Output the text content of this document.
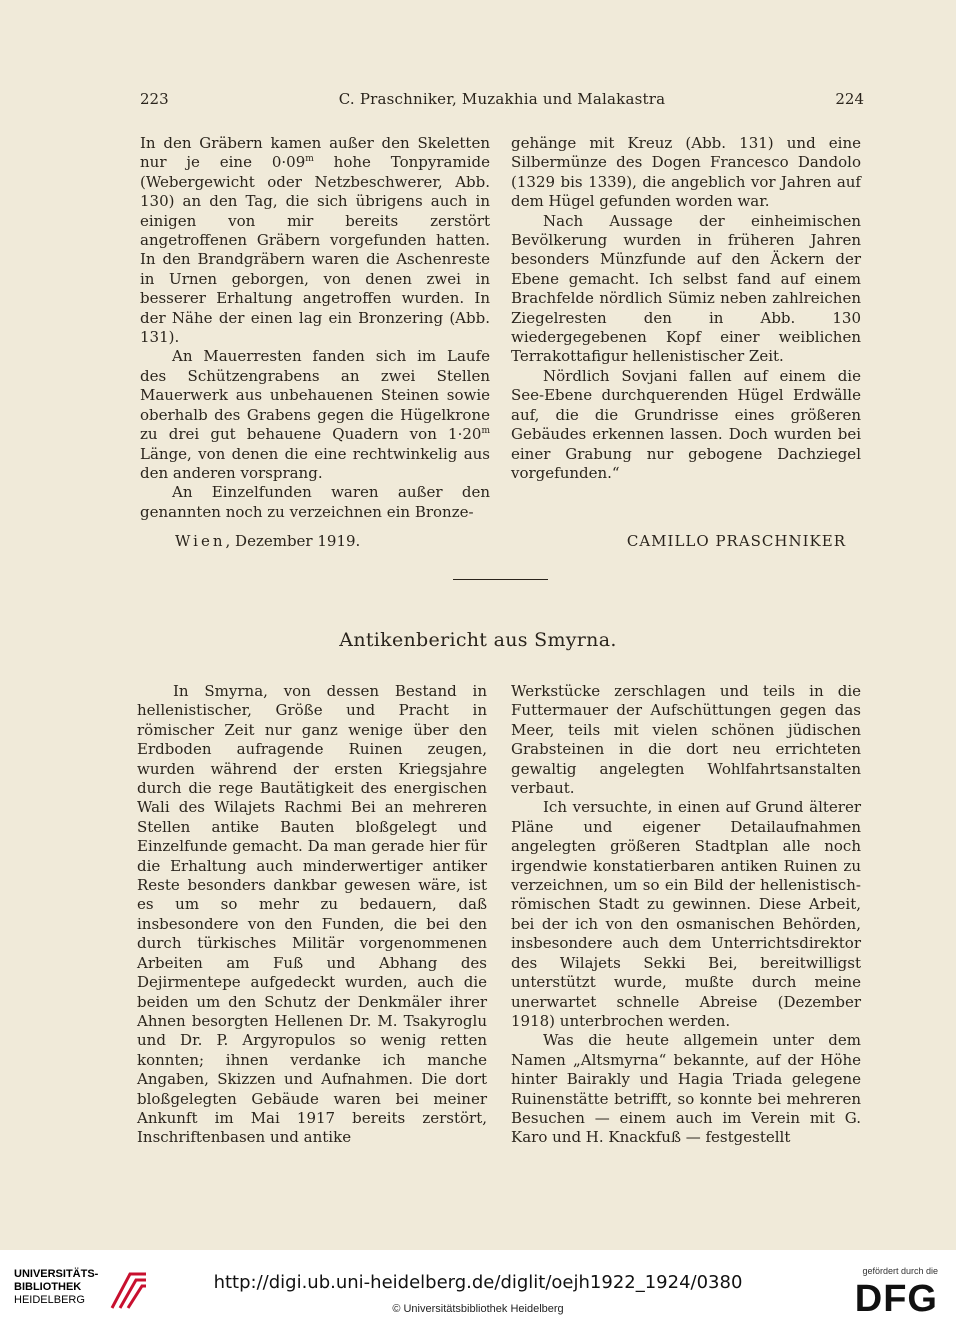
223	C. Praschniker, Muzakhia und Malakastra	224

In den Gräbern kamen außer den Skeletten nur je eine $0\cdot 09^m$ hohe Tonpyramide (Webergewicht oder Netzbeschwerer, Abb. 130) an den Tag, die sich übrigens auch in einigen von mir bereits zerstört angetroffenen Gräbern vorgefunden hatten. In den Brandgräbern waren die Aschenreste in Urnen geborgen, von denen zwei in besserer Erhaltung angetroffen wurden. In der Nähe der einen lag ein Bronzering (Abb. 131).

An Mauerresten fanden sich im Laufe des Schützengrabens an zwei Stellen Mauerwerk aus unbehauenen Steinen sowie oberhalb des Grabens gegen die Hügelkrone zu drei gut behauene Quadern von $1\cdot 20^m$ Länge, von denen die eine rechtwinkelig aus den anderen vorsprang.

An Einzelfunden waren außer den genannten noch zu verzeichnen ein Bronze-

gehänge mit Kreuz (Abb. 131) und eine Silbermünze des Dogen Francesco Dandolo (1329 bis 1339), die angeblich vor Jahren auf dem Hügel gefunden worden war.

Nach Aussage der einheimischen Bevölkerung wurden in früheren Jahren besonders Münzfunde auf den Äckern der Ebene gemacht. Ich selbst fand auf einem Brachfelde nördlich Sümiz neben zahlreichen Ziegelresten den in Abb. 130 wiedergegebenen Kopf einer weiblichen Terrakottafigur hellenistischer Zeit.

Nördlich Sovjani fallen auf einem die See-Ebene durchquerenden Hügel Erdwälle auf, die die Grundrisse eines größeren Gebäudes erkennen lassen. Doch wurden bei einer Grabung nur gebogene Dachziegel vorgefunden.“

Wien, Dezember 1919.	CAMILLO PRASCHNIKER
Antikenbericht aus Smyrna.

In Smyrna, von dessen Bestand in hellenistischer, Größe und Pracht in römischer Zeit nur ganz wenige über den Erdboden aufragende Ruinen zeugen, wurden während der ersten Kriegsjahre durch die rege Bautätigkeit des energischen Wali des Wilajets Rachmi Bei an mehreren Stellen antike Bauten bloßgelegt und Einzelfunde gemacht. Da man gerade hier für die Erhaltung auch minderwertiger antiker Reste besonders dankbar gewesen wäre, ist es um so mehr zu bedauern, daß insbesondere von den Funden, die bei den durch türkisches Militär vorgenommenen Arbeiten am Fuß und Abhang des Dejirmentepe aufgedeckt wurden, auch die beiden um den Schutz der Denkmäler ihrer Ahnen besorgten Hellenen Dr. M. Tsakyroglu und Dr. P. Argyropulos so wenig retten konnten; ihnen verdanke ich manche Angaben, Skizzen und Aufnahmen. Die dort bloßgelegten Gebäude waren bei meiner Ankunft im Mai 1917 bereits zerstört, Inschriftenbasen und antike

Werkstücke zerschlagen und teils in die Futtermauer der Aufschüttungen gegen das Meer, teils mit vielen schönen jüdischen Grabsteinen in die dort neu errichteten gewaltig angelegten Wohlfahrtsanstalten verbaut.

Ich versuchte, in einen auf Grund älterer Pläne und eigener Detailaufnahmen angelegten größeren Stadtplan alle noch irgendwie konstatierbaren antiken Ruinen zu verzeichnen, um so ein Bild der hellenistisch-römischen Stadt zu gewinnen. Diese Arbeit, bei der ich von den osmanischen Behörden, insbesondere auch dem Unterrichtsdirektor des Wilajets Sekki Bei, bereitwilligst unterstützt wurde, mußte durch meine unerwartet schnelle Abreise (Dezember 1918) unterbrochen werden.

Was die heute allgemein unter dem Namen „Altsmyrna“ bekannte, auf der Höhe hinter Bairakly und Hagia Triada gelegene Ruinenstätte betrifft, so konnte bei mehreren Besuchen — einem auch im Verein mit G. Karo und H. Knackfuß — festgestellt

UNIVERSITÄTS-
BIBLIOTHEK
HEIDELBERG
http://digi.ub.uni-heidelberg.de/diglit/oejh1922_1924/0380
© Universitätsbibliothek Heidelberg
gefördert durch die
DFG
